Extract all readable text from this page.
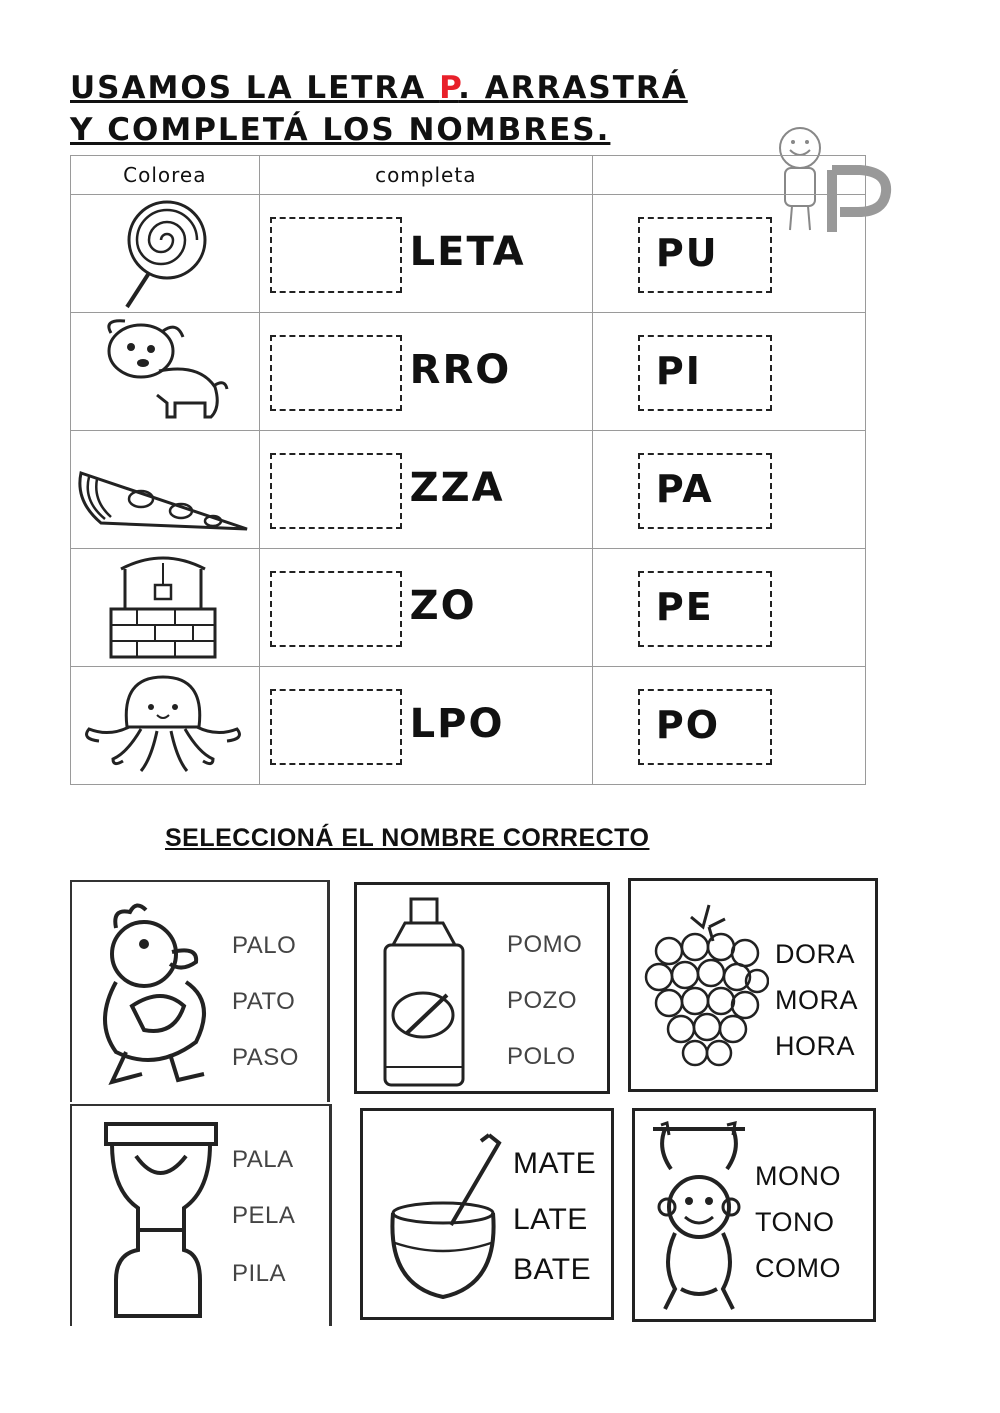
USAMOS LA LETRA P. ARRASTRÁ
Y COMPLETÁ LOS NOMBRES.
Colorea	completa	

LETA	PU

RRO	PI

ZZA	PA

ZO	PE

LPO	PO
SELECCIONÁ EL NOMBRE CORRECTO
PALO
PATO
PASO
POMO
POZO
POLO
DORA
MORA
HORA
PALA
PELA
PILA
MATE
LATE
BATE
MONO
TONO
COMO
